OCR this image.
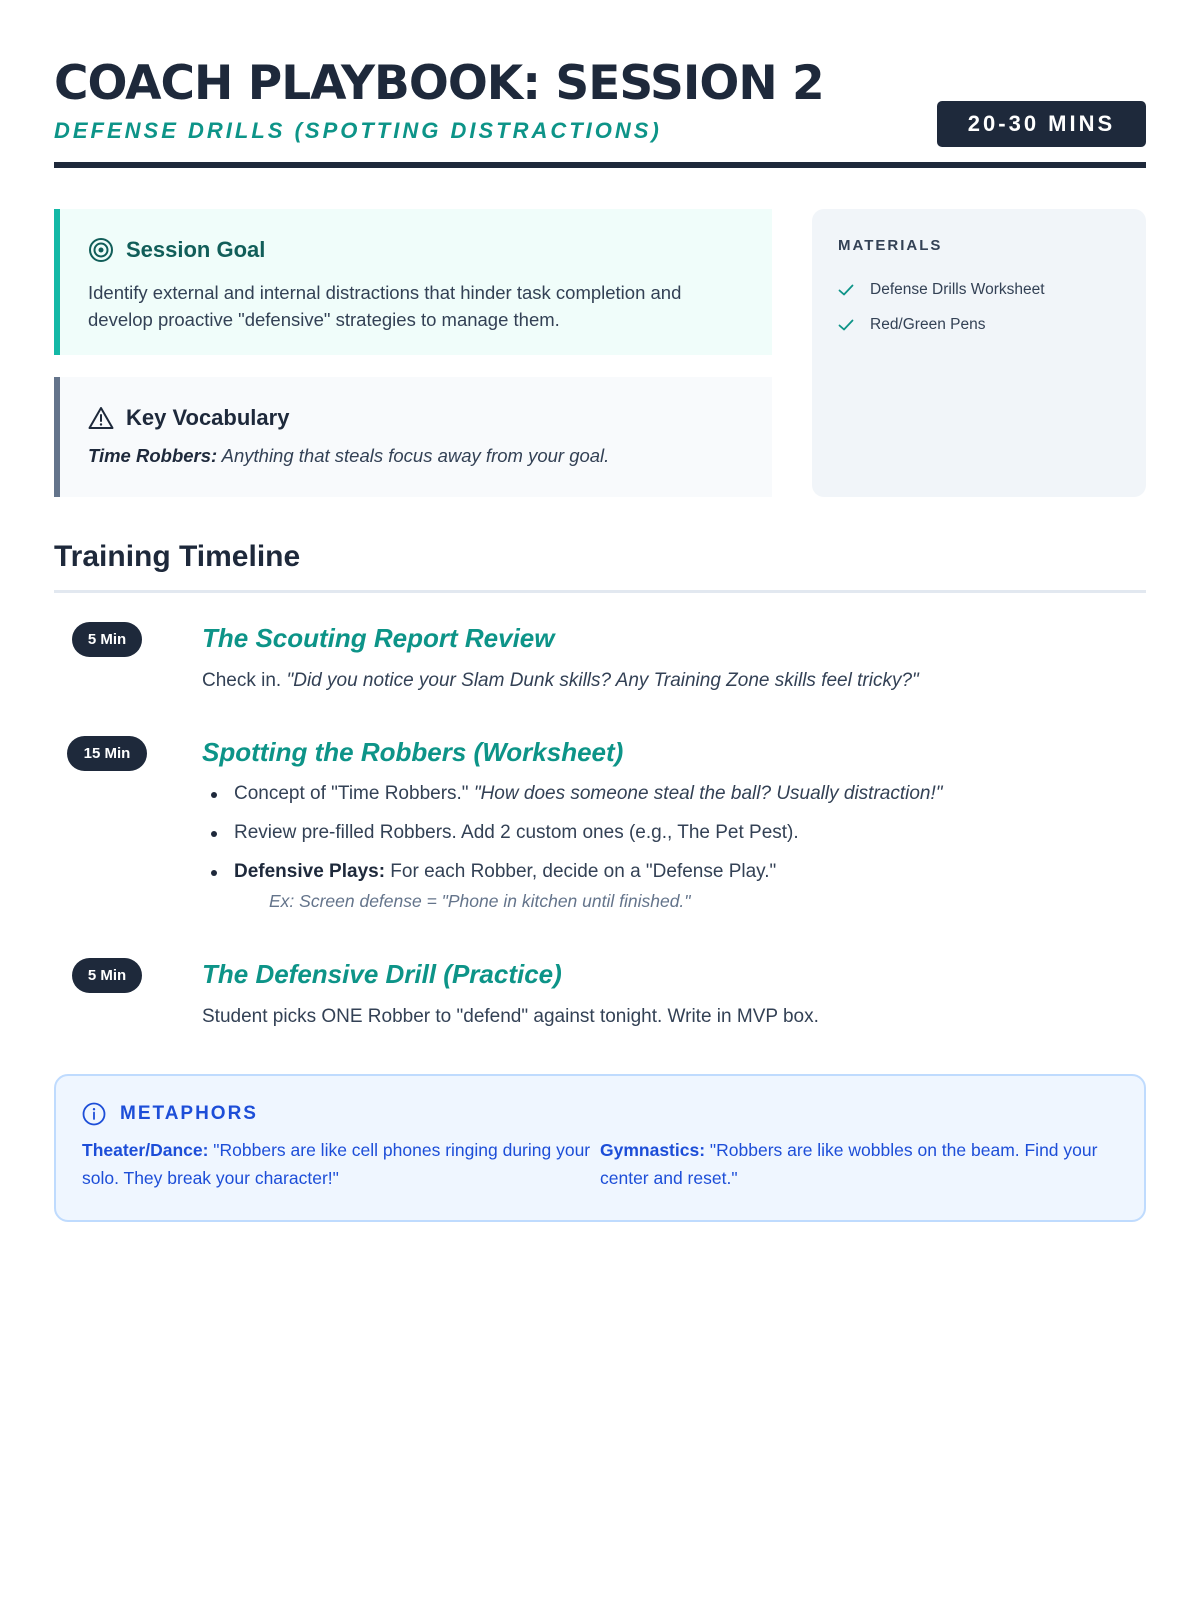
COACH PLAYBOOK: SESSION 2
DEFENSE DRILLS (SPOTTING DISTRACTIONS)	20-30 MINS
Session Goal

Identify external and internal distractions that hinder task completion and develop proactive "defensive" strategies to manage them.

Key Vocabulary

Time Robbers: Anything that steals focus away from your goal.

MATERIALS
Defense Drills Worksheet
Red/Green Pens
Training Timeline
5 Min	The Scouting Report Review
Check in. "Did you notice your Slam Dunk skills? Any Training Zone skills feel tricky?"
15 Min	Spotting the Robbers (Worksheet)
Concept of "Time Robbers." "How does someone steal the ball? Usually distraction!"
Review pre-filled Robbers. Add 2 custom ones (e.g., The Pet Pest).
Defensive Plays: For each Robber, decide on a "Defense Play."
Ex: Screen defense = "Phone in kitchen until finished."
5 Min	The Defensive Drill (Practice)
Student picks ONE Robber to "defend" against tonight. Write in MVP box.
METAPHORS
Theater/Dance: "Robbers are like cell phones ringing during your solo. They break your character!"
Gymnastics: "Robbers are like wobbles on the beam. Find your center and reset."
